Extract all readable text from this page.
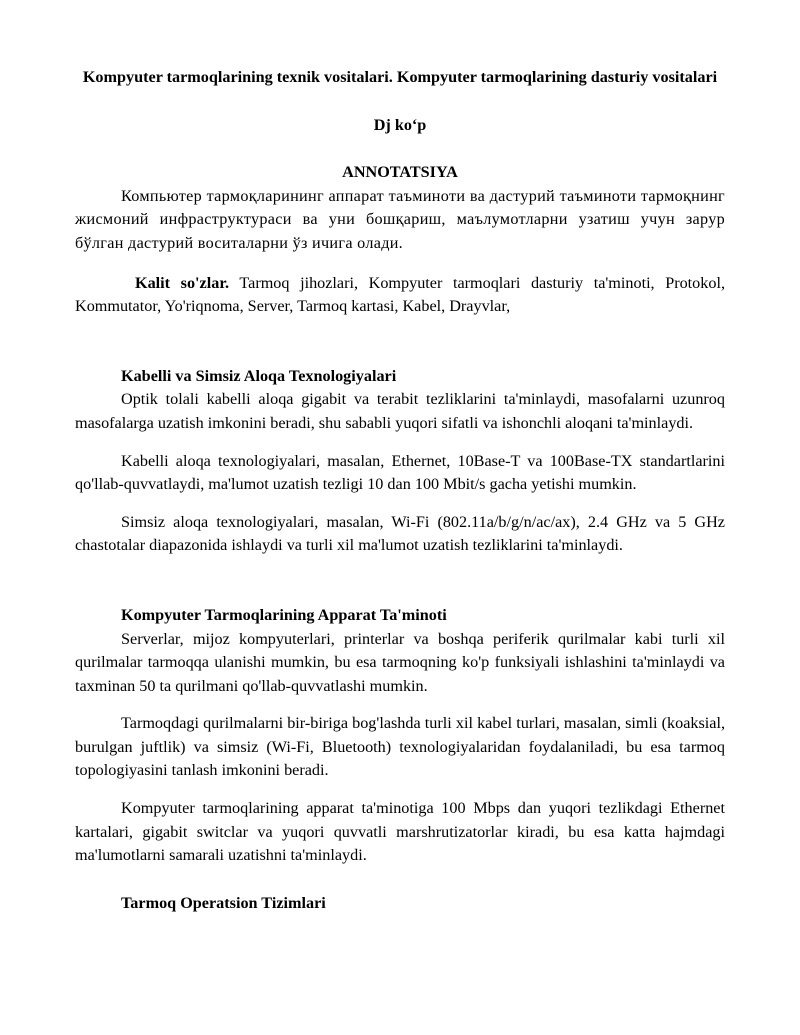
Kompyuter tarmoqlarining texnik vositalari. Kompyuter tarmoqlarining dasturiy vositalari
Dj ko‘p
ANNOTATSIYA

Компьютер тармоқларининг аппарат таъминоти ва дастурий таъминоти тармоқнинг жисмоний инфраструктураси ва уни бошқариш, маълумотларни узатиш учун зарур бўлган дастурий воситаларни ўз ичига олади.

Kalit so'zlar. Tarmoq jihozlari, Kompyuter tarmoqlari dasturiy ta'minoti, Protokol, Kommutator, Yo'riqnoma, Server, Tarmoq kartasi, Kabel, Drayvlar,

Kabelli va Simsiz Aloqa Texnologiyalari

Optik tolali kabelli aloqa gigabit va terabit tezliklarini ta'minlaydi, masofalarni uzunroq masofalarga uzatish imkonini beradi, shu sababli yuqori sifatli va ishonchli aloqani ta'minlaydi.

Kabelli aloqa texnologiyalari, masalan, Ethernet, 10Base-T va 100Base-TX standartlarini qo'llab-quvvatlaydi, ma'lumot uzatish tezligi 10 dan 100 Mbit/s gacha yetishi mumkin.

Simsiz aloqa texnologiyalari, masalan, Wi-Fi (802.11a/b/g/n/ac/ax), 2.4 GHz va 5 GHz chastotalar diapazonida ishlaydi va turli xil ma'lumot uzatish tezliklarini ta'minlaydi.

Kompyuter Tarmoqlarining Apparat Ta'minoti

Serverlar, mijoz kompyuterlari, printerlar va boshqa periferik qurilmalar kabi turli xil qurilmalar tarmoqqa ulanishi mumkin, bu esa tarmoqning ko'p funksiyali ishlashini ta'minlaydi va taxminan 50 ta qurilmani qo'llab-quvvatlashi mumkin.

Tarmoqdagi qurilmalarni bir-biriga bog'lashda turli xil kabel turlari, masalan, simli (koaksial, burulgan juftlik) va simsiz (Wi-Fi, Bluetooth) texnologiyalaridan foydalaniladi, bu esa tarmoq topologiyasini tanlash imkonini beradi.

Kompyuter tarmoqlarining apparat ta'minotiga 100 Mbps dan yuqori tezlikdagi Ethernet kartalari, gigabit switclar va yuqori quvvatli marshrutizatorlar kiradi, bu esa katta hajmdagi ma'lumotlarni samarali uzatishni ta'minlaydi.

Tarmoq Operatsion Tizimlari
